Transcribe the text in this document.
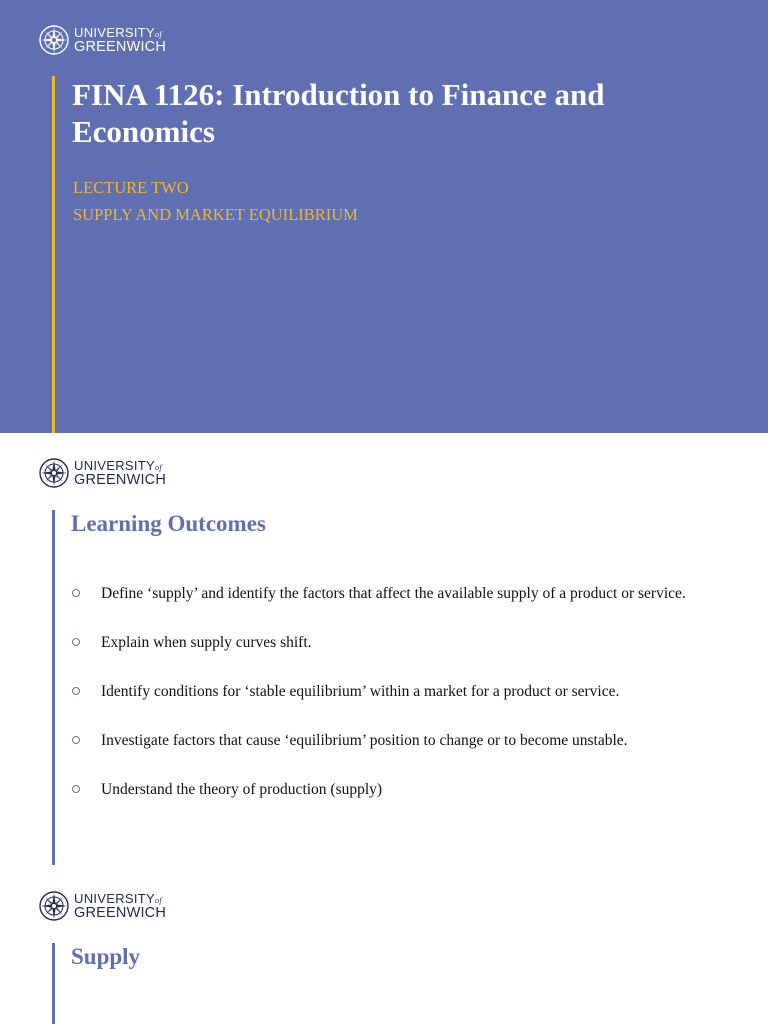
UNIVERSITYof
GREENWICH
FINA 1126: Introduction to Finance and Economics

LECTURE TWO

SUPPLY AND MARKET EQUILIBRIUM

UNIVERSITYof
GREENWICH
Learning Outcomes
Define ‘supply’ and identify the factors that affect the available supply of a product or service.
Explain when supply curves shift.
Identify conditions for ‘stable equilibrium’ within a market for a product or service.
Investigate factors that cause ‘equilibrium’ position to change or to become unstable.
Understand the theory of production (supply)
UNIVERSITYof
GREENWICH
Supply
